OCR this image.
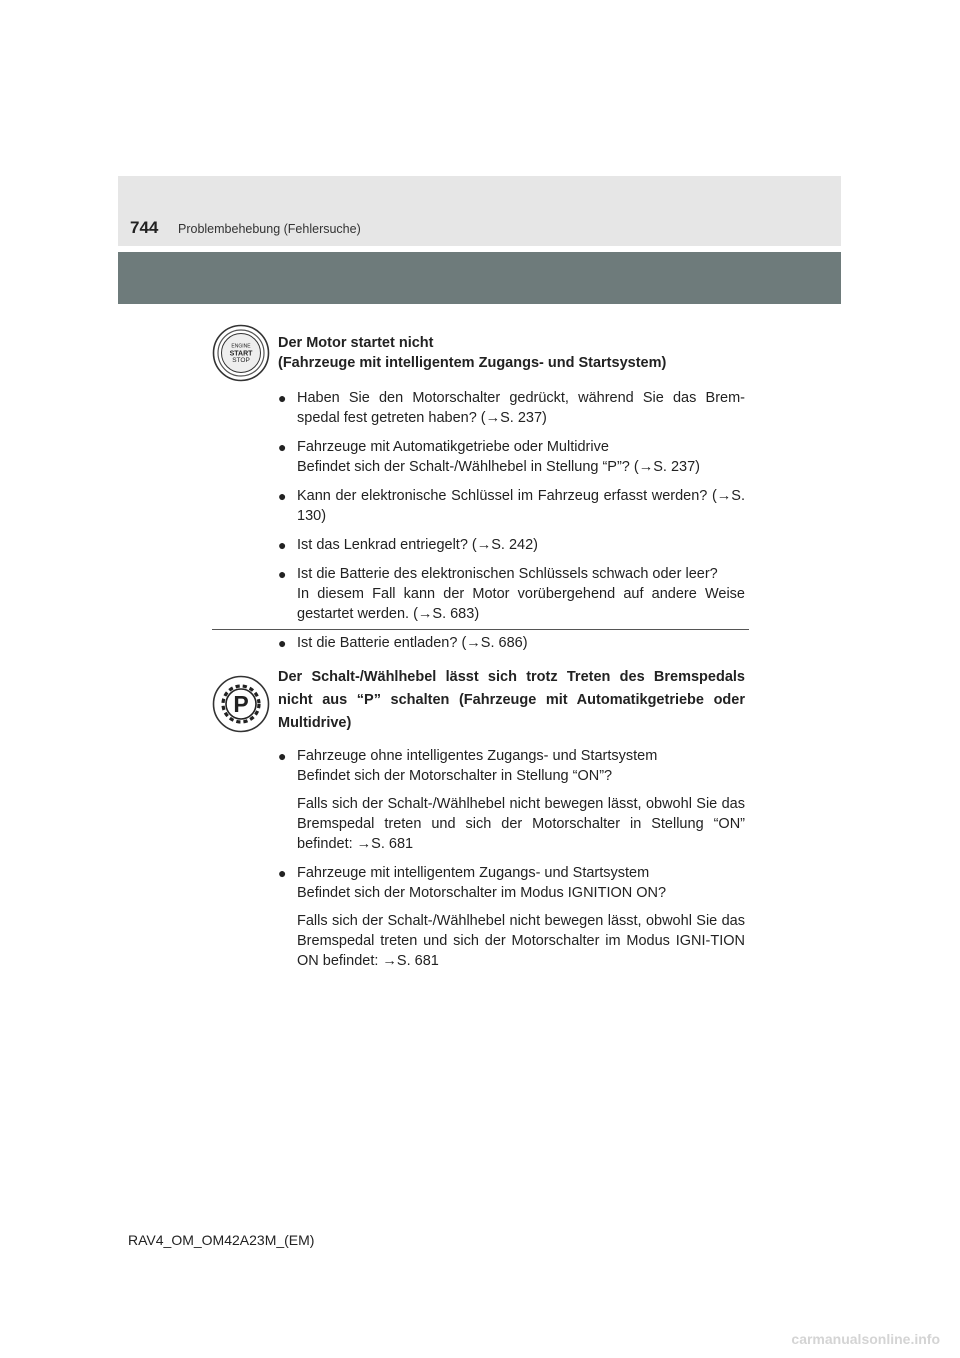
744 Problembehebung (Fehlersuche)
ENGINE
START
STOP
Der Motor startet nicht
(Fahrzeuge mit intelligentem Zugangs- und Startsystem)
● Haben Sie den Motorschalter gedrückt, während Sie das Brem-spedal fest getreten haben? (→S. 237)
● Fahrzeuge mit Automatikgetriebe oder Multidrive
Befindet sich der Schalt-/Wählhebel in Stellung “P”? (→S. 237)
● Kann der elektronische Schlüssel im Fahrzeug erfasst werden? (→S. 130)
● Ist das Lenkrad entriegelt? (→S. 242)
● Ist die Batterie des elektronischen Schlüssels schwach oder leer?
In diesem Fall kann der Motor vorübergehend auf andere Weise gestartet werden. (→S. 683)
● Ist die Batterie entladen? (→S. 686)
P
Der Schalt-/Wählhebel lässt sich trotz Treten des Bremspedals nicht aus “P” schalten (Fahrzeuge mit Automatikgetriebe oder Multidrive)
● Fahrzeuge ohne intelligentes Zugangs- und Startsystem
Befindet sich der Motorschalter in Stellung “ON”?
Falls sich der Schalt-/Wählhebel nicht bewegen lässt, obwohl Sie das Bremspedal treten und sich der Motorschalter in Stellung “ON” befindet: →S. 681
● Fahrzeuge mit intelligentem Zugangs- und Startsystem
Befindet sich der Motorschalter im Modus IGNITION ON?
Falls sich der Schalt-/Wählhebel nicht bewegen lässt, obwohl Sie das Bremspedal treten und sich der Motorschalter im Modus IGNI-TION ON befindet: →S. 681
RAV4_OM_OM42A23M_(EM)
carmanualsonline.info
